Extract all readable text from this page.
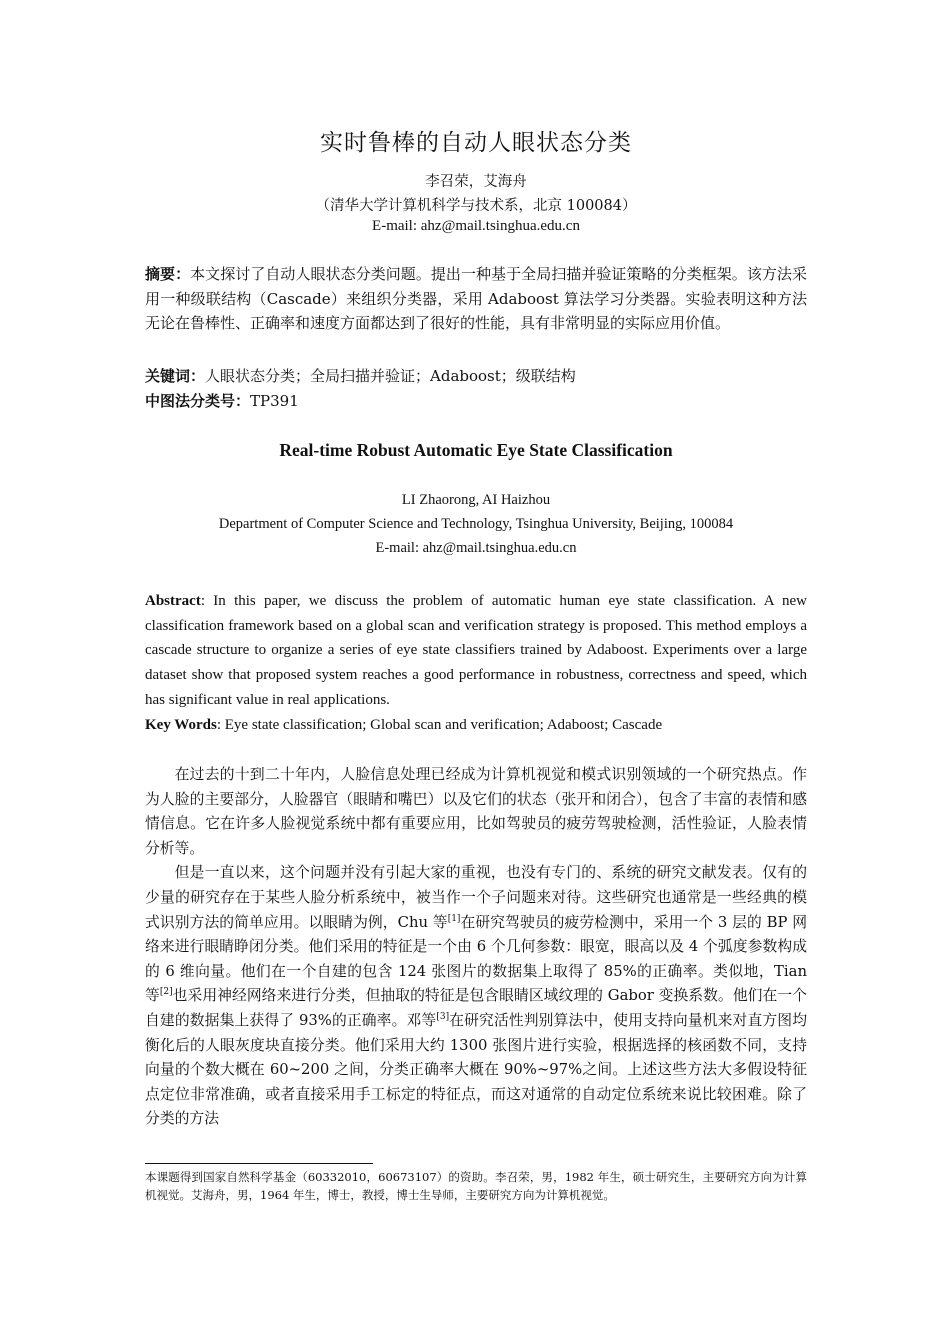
实时鲁棒的自动人眼状态分类
李召荣，艾海舟
（清华大学计算机科学与技术系，北京 100084）
E-mail: ahz@mail.tsinghua.edu.cn
摘要：本文探讨了自动人眼状态分类问题。提出一种基于全局扫描并验证策略的分类框架。该方法采用一种级联结构（Cascade）来组织分类器，采用 Adaboost 算法学习分类器。实验表明这种方法无论在鲁棒性、正确率和速度方面都达到了很好的性能，具有非常明显的实际应用价值。
关键词：人眼状态分类；全局扫描并验证；Adaboost；级联结构
中图法分类号：TP391
Real-time Robust Automatic Eye State Classification
LI Zhaorong, AI Haizhou
Department of Computer Science and Technology, Tsinghua University, Beijing, 100084
E-mail: ahz@mail.tsinghua.edu.cn
Abstract: In this paper, we discuss the problem of automatic human eye state classification. A new classification framework based on a global scan and verification strategy is proposed. This method employs a cascade structure to organize a series of eye state classifiers trained by Adaboost. Experiments over a large dataset show that proposed system reaches a good performance in robustness, correctness and speed, which has significant value in real applications.
Key Words: Eye state classification; Global scan and verification; Adaboost; Cascade

在过去的十到二十年内，人脸信息处理已经成为计算机视觉和模式识别领域的一个研究热点。作为人脸的主要部分，人脸器官（眼睛和嘴巴）以及它们的状态（张开和闭合），包含了丰富的表情和感情信息。它在许多人脸视觉系统中都有重要应用，比如驾驶员的疲劳驾驶检测，活性验证，人脸表情分析等。

但是一直以来，这个问题并没有引起大家的重视，也没有专门的、系统的研究文献发表。仅有的少量的研究存在于某些人脸分析系统中，被当作一个子问题来对待。这些研究也通常是一些经典的模式识别方法的简单应用。以眼睛为例，Chu 等[1]在研究驾驶员的疲劳检测中，采用一个 3 层的 BP 网络来进行眼睛睁闭分类。他们采用的特征是一个由 6 个几何参数：眼宽，眼高以及 4 个弧度参数构成的 6 维向量。他们在一个自建的包含 124 张图片的数据集上取得了 85%的正确率。类似地，Tian 等[2]也采用神经网络来进行分类，但抽取的特征是包含眼睛区域纹理的 Gabor 变换系数。他们在一个自建的数据集上获得了 93%的正确率。邓等[3]在研究活性判别算法中，使用支持向量机来对直方图均衡化后的人眼灰度块直接分类。他们采用大约 1300 张图片进行实验，根据选择的核函数不同，支持向量的个数大概在 60~200 之间，分类正确率大概在 90%~97%之间。上述这些方法大多假设特征点定位非常准确，或者直接采用手工标定的特征点，而这对通常的自动定位系统来说比较困难。除了分类的方法

本课题得到国家自然科学基金（60332010，60673107）的资助。李召荣，男，1982 年生，硕士研究生，主要研究方向为计算机视觉。艾海舟，男，1964 年生，博士，教授，博士生导师，主要研究方向为计算机视觉。
